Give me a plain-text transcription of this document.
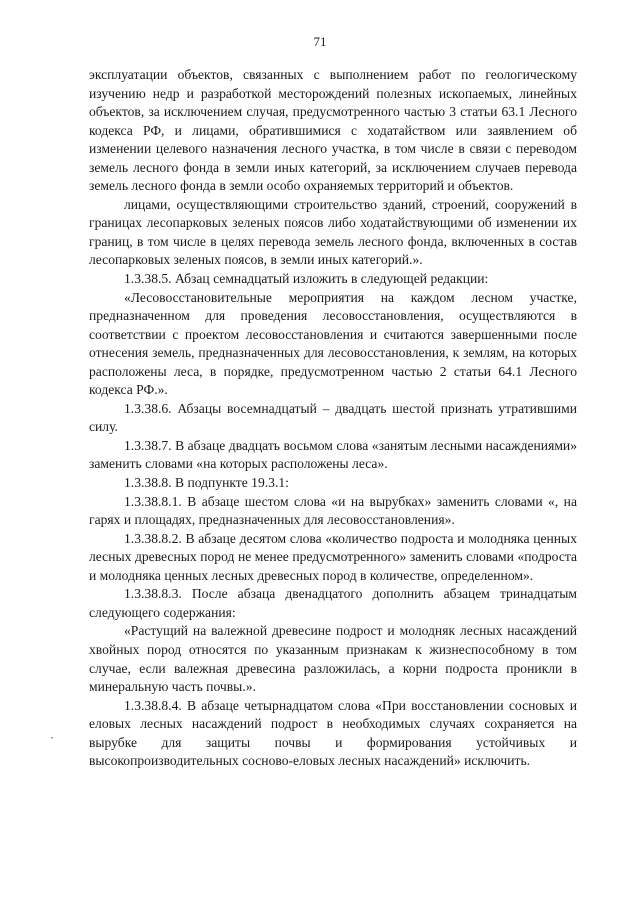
71

эксплуатации объектов, связанных с выполнением работ по геологическому изучению недр и разработкой месторождений полезных ископаемых, линейных объектов, за исключением случая, предусмотренного частью 3 статьи 63.1 Лесного кодекса РФ, и лицами, обратившимися с ходатайством или заявлением об изменении целевого назначения лесного участка, в том числе в связи с переводом земель лесного фонда в земли иных категорий, за исключением случаев перевода земель лесного фонда в земли особо охраняемых территорий и объектов.

лицами, осуществляющими строительство зданий, строений, сооружений в границах лесопарковых зеленых поясов либо ходатайствующими об изменении их границ, в том числе в целях перевода земель лесного фонда, включенных в состав лесопарковых зеленых поясов, в земли иных категорий.».

1.3.38.5. Абзац семнадцатый изложить в следующей редакции:

«Лесовосстановительные мероприятия на каждом лесном участке, предназначенном для проведения лесовосстановления, осуществляются в соответствии с проектом лесовосстановления и считаются завершенными после отнесения земель, предназначенных для лесовосстановления, к землям, на которых расположены леса, в порядке, предусмотренном частью 2 статьи 64.1 Лесного кодекса РФ.».

1.3.38.6. Абзацы восемнадцатый – двадцать шестой признать утратившими силу.

1.3.38.7. В абзаце двадцать восьмом слова «занятым лесными насаждениями» заменить словами «на которых расположены леса».

1.3.38.8. В подпункте 19.3.1:

1.3.38.8.1. В абзаце шестом слова «и на вырубках» заменить словами «, на гарях и площадях, предназначенных для лесовосстановления».

1.3.38.8.2. В абзаце десятом слова «количество подроста и молодняка ценных лесных древесных пород не менее предусмотренного» заменить словами «подроста и молодняка ценных лесных древесных пород в количестве, определенном».

1.3.38.8.3. После абзаца двенадцатого дополнить абзацем тринадцатым следующего содержания:

«Растущий на валежной древесине подрост и молодняк лесных насаждений хвойных пород относятся по указанным признакам к жизнеспособному в том случае, если валежная древесина разложилась, а корни подроста проникли в минеральную часть почвы.».

1.3.38.8.4. В абзаце четырнадцатом слова «При восстановлении сосновых и еловых лесных насаждений подрост в необходимых случаях сохраняется на вырубке для защиты почвы и формирования устойчивых и высокопроизводительных сосново-еловых лесных насаждений» исключить.

•
